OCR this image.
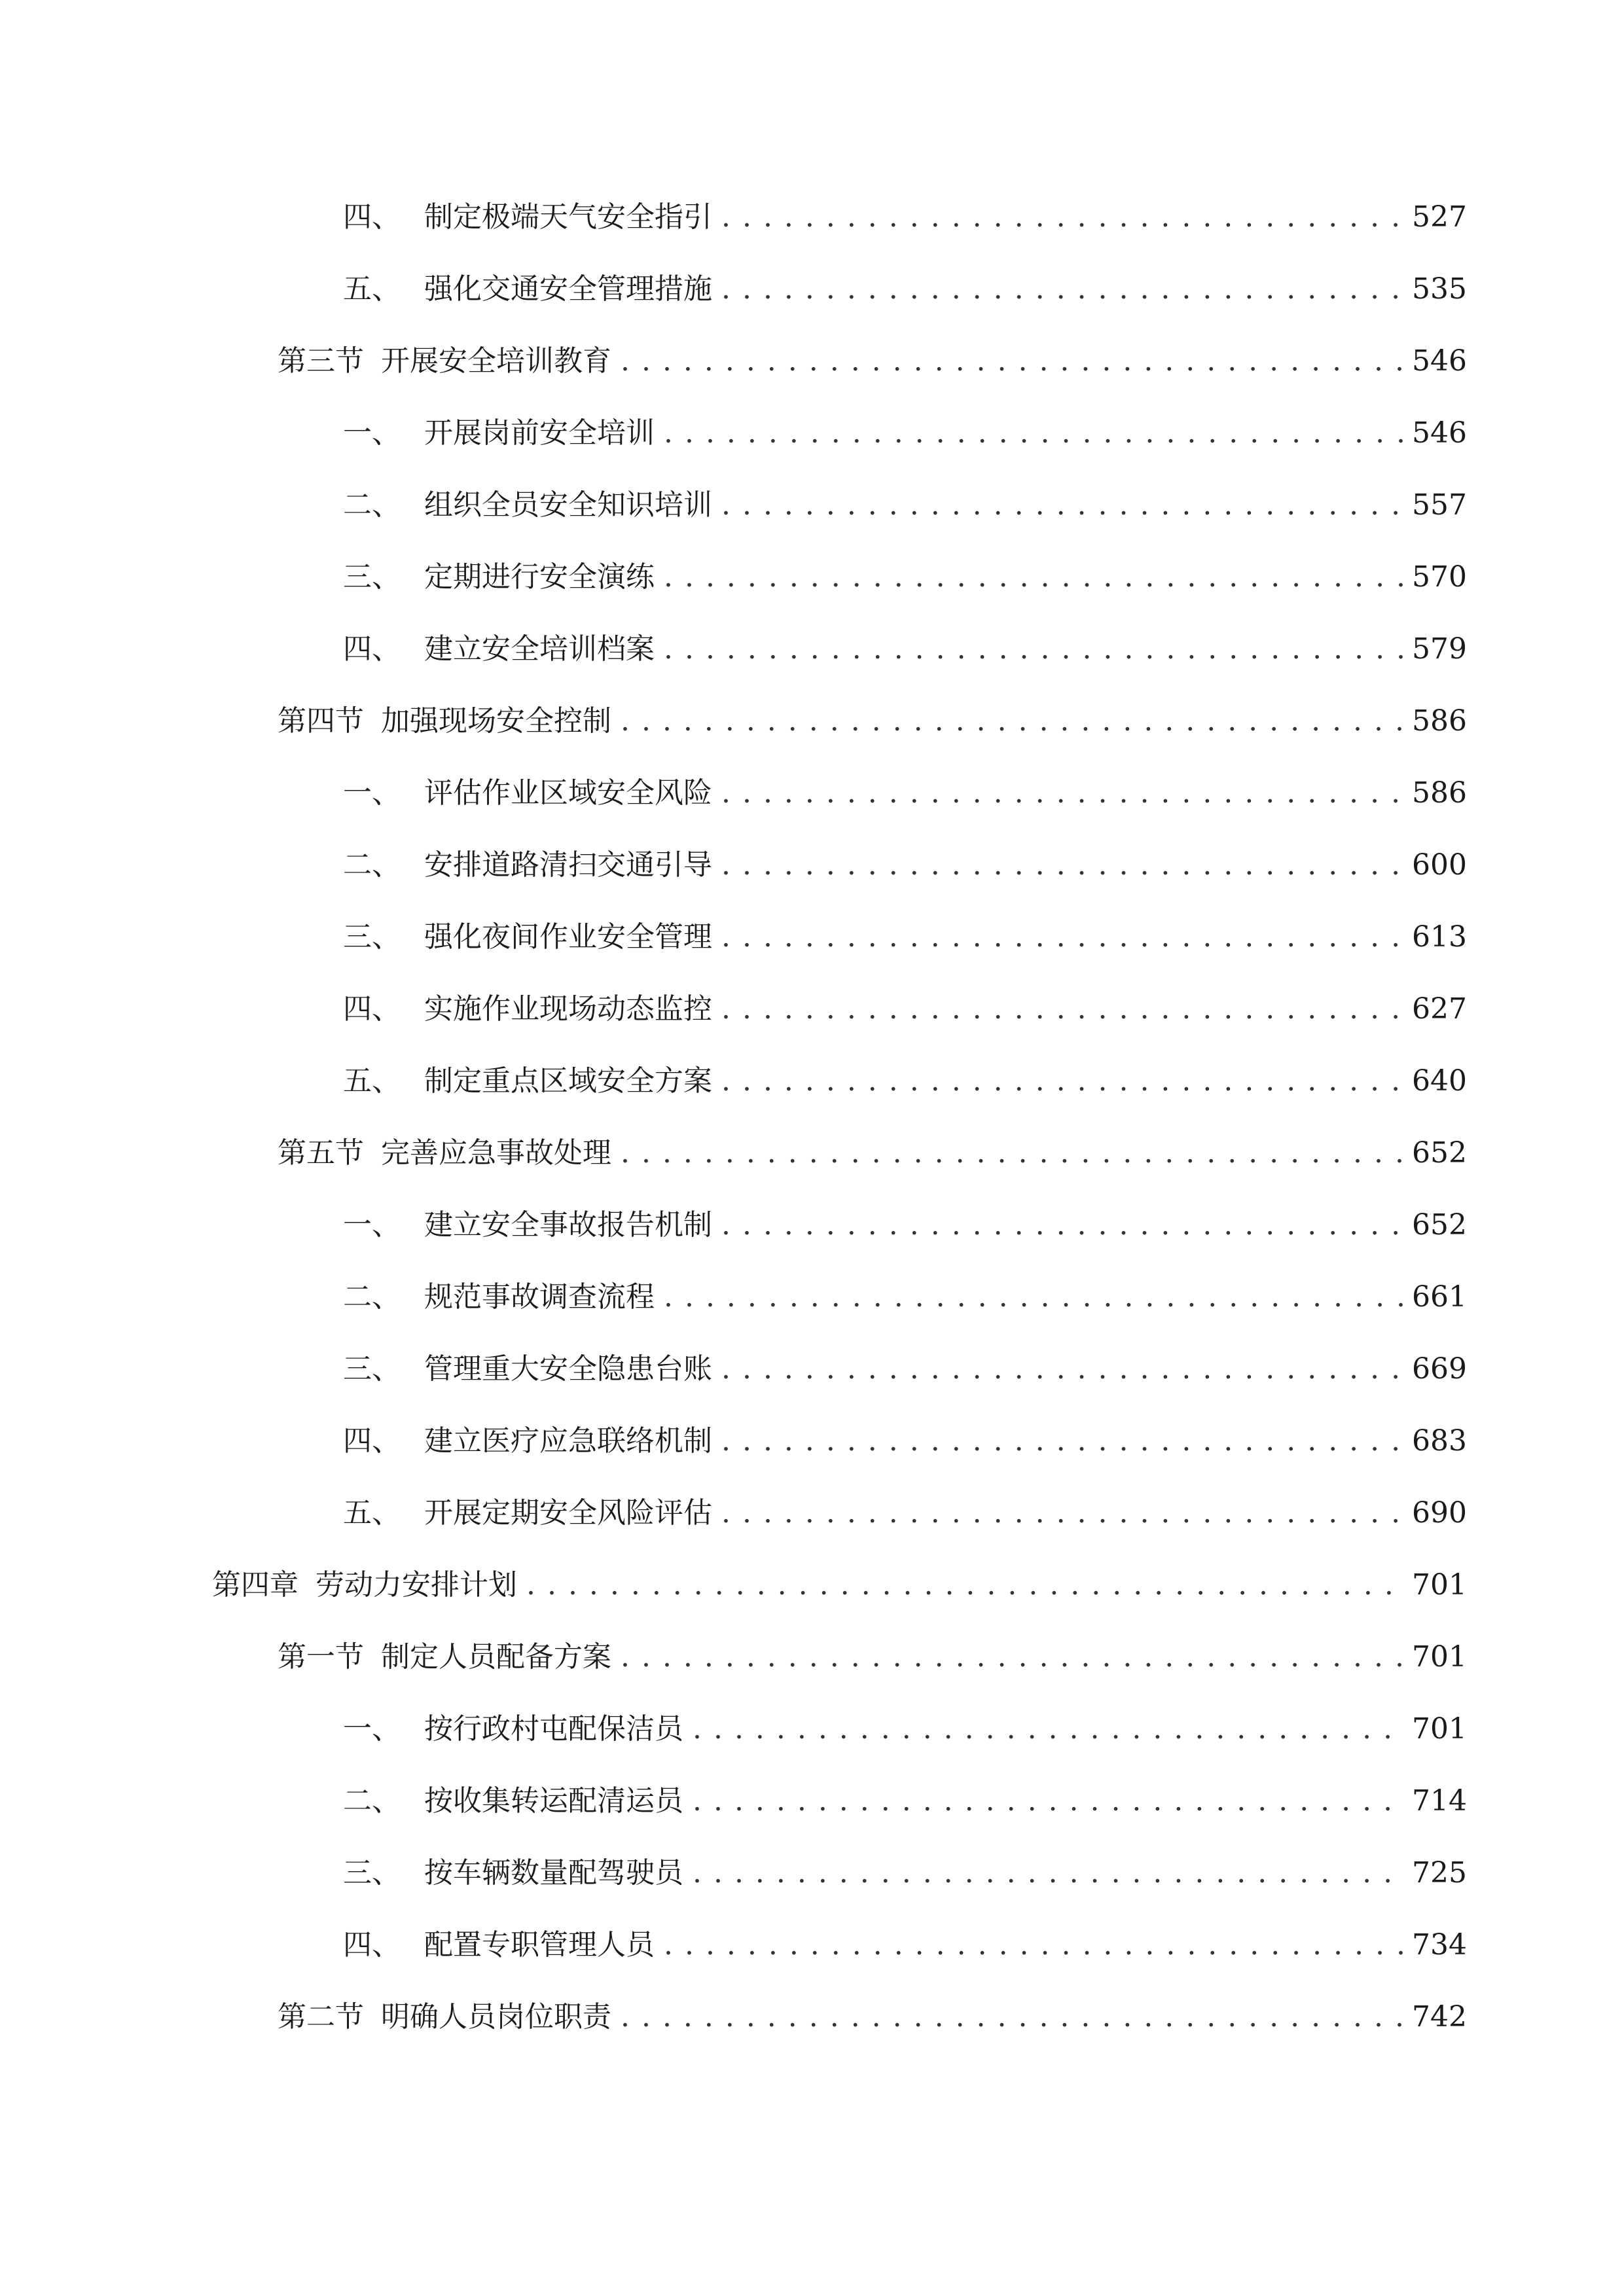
四、 制定极端天气安全指引 . . .	527
五、 强化交通安全管理措施 . . .	535
第三节 开展安全培训教育 . . .	546
一、 开展岗前安全培训 . . .	546
二、 组织全员安全知识培训 . . .	557
三、 定期进行安全演练 . . .	570
四、 建立安全培训档案 . . .	579
第四节 加强现场安全控制 . . .	586
一、 评估作业区域安全风险 . . .	586
二、 安排道路清扫交通引导 . . .	600
三、 强化夜间作业安全管理 . . .	613
四、 实施作业现场动态监控 . . .	627
五、 制定重点区域安全方案 . . .	640
第五节 完善应急事故处理 . . .	652
一、 建立安全事故报告机制 . . .	652
二、 规范事故调查流程 . . .	661
三、 管理重大安全隐患台账 . . .	669
四、 建立医疗应急联络机制 . . .	683
五、 开展定期安全风险评估 . . .	690
第四章 劳动力安排计划 . . .	701
第一节 制定人员配备方案 . . .	701
一、 按行政村屯配保洁员 . . .	701
二、 按收集转运配清运员 . . .	714
三、 按车辆数量配驾驶员 . . .	725
四、 配置专职管理人员 . . .	734
第二节 明确人员岗位职责 . . .	742
